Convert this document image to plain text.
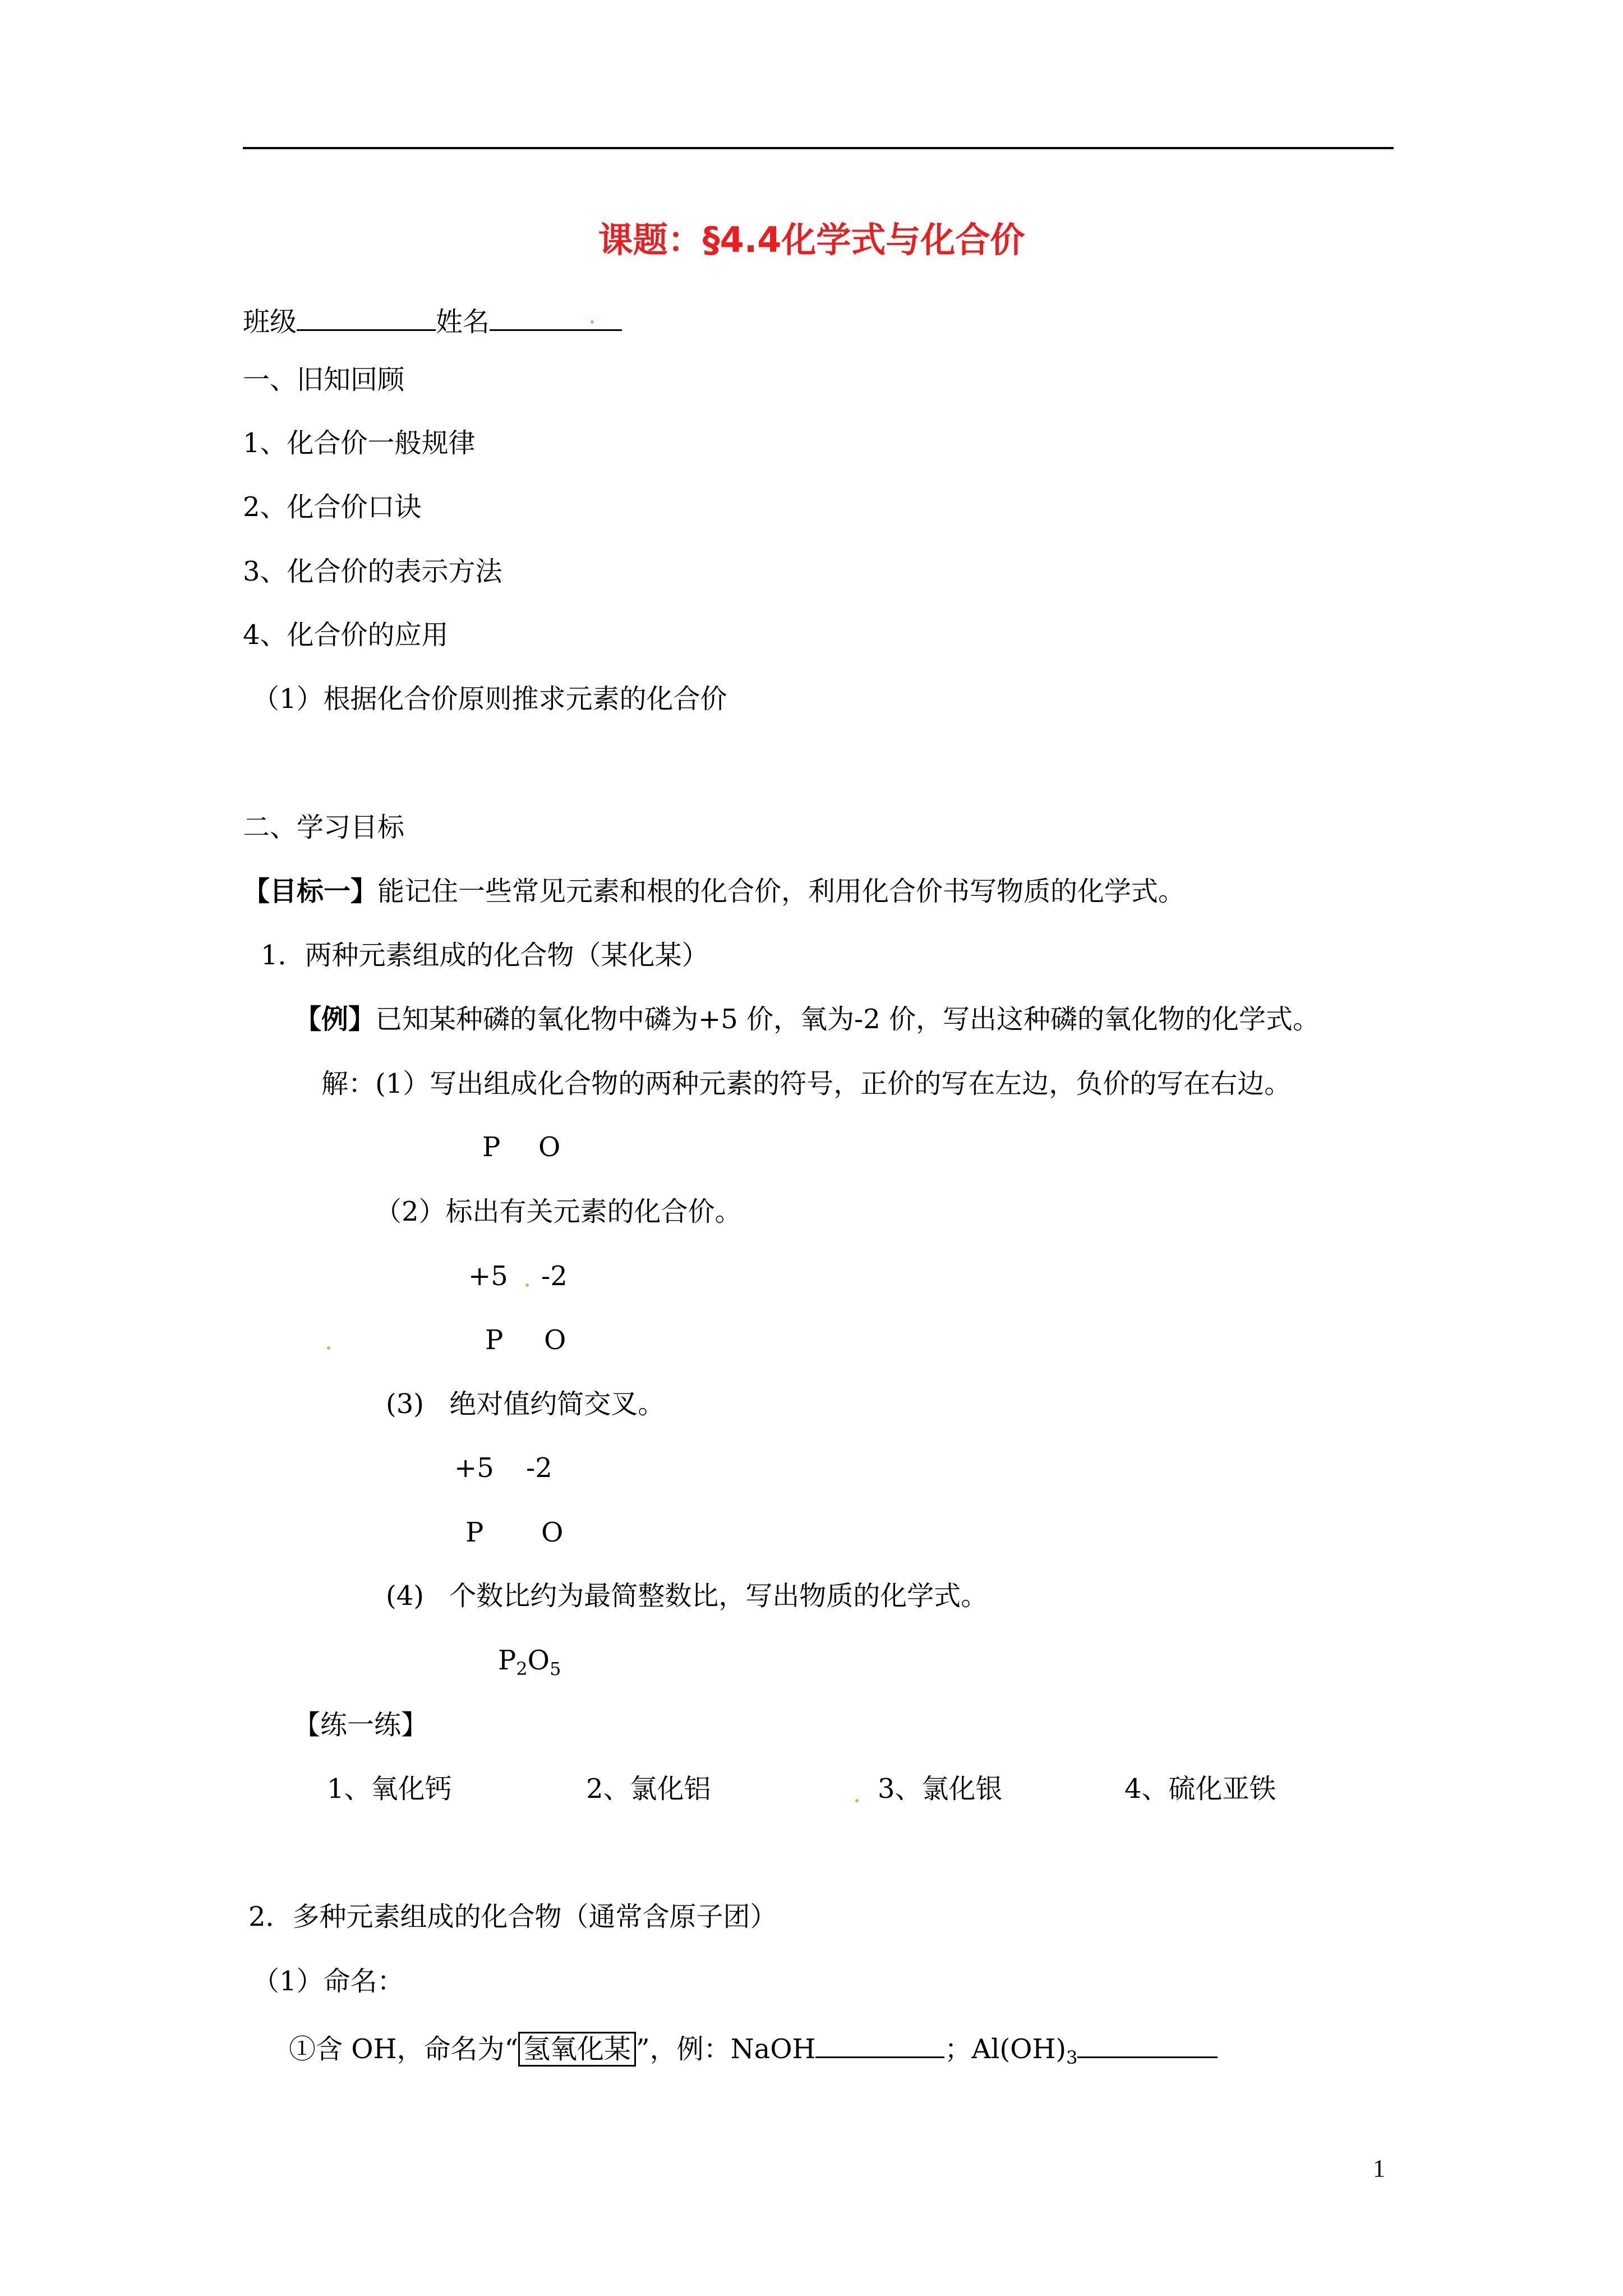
课题：§4.4化学式与化合价
班级	姓名
一、旧知回顾
1、化合价一般规律
2、化合价口诀
3、化合价的表示方法
4、化合价的应用
（1）根据化合价原则推求元素的化合价
二、学习目标
【目标一】能记住一些常见元素和根的化合价，利用化合价书写物质的化学式。
1．两种元素组成的化合物（某化某）
【例】已知某种磷的氧化物中磷为+5 价，氧为-2 价，写出这种磷的氧化物的化学式。
解：(1）写出组成化合物的两种元素的符号，正价的写在左边，负价的写在右边。
P O
（2）标出有关元素的化合价。
+5 -2
P O
(3) 绝对值约简交叉。
+5 -2
P O
(4) 个数比约为最简整数比，写出物质的化学式。
$P_2O_5$
【练一练】
1、氧化钙	2、氯化铝	3、氯化银	4、硫化亚铁
2．多种元素组成的化合物（通常含原子团）
（1）命名：
①含 OH，命名为“ 氢氧化某 ”，例：NaOH	；$Al(OH)_3$
1
